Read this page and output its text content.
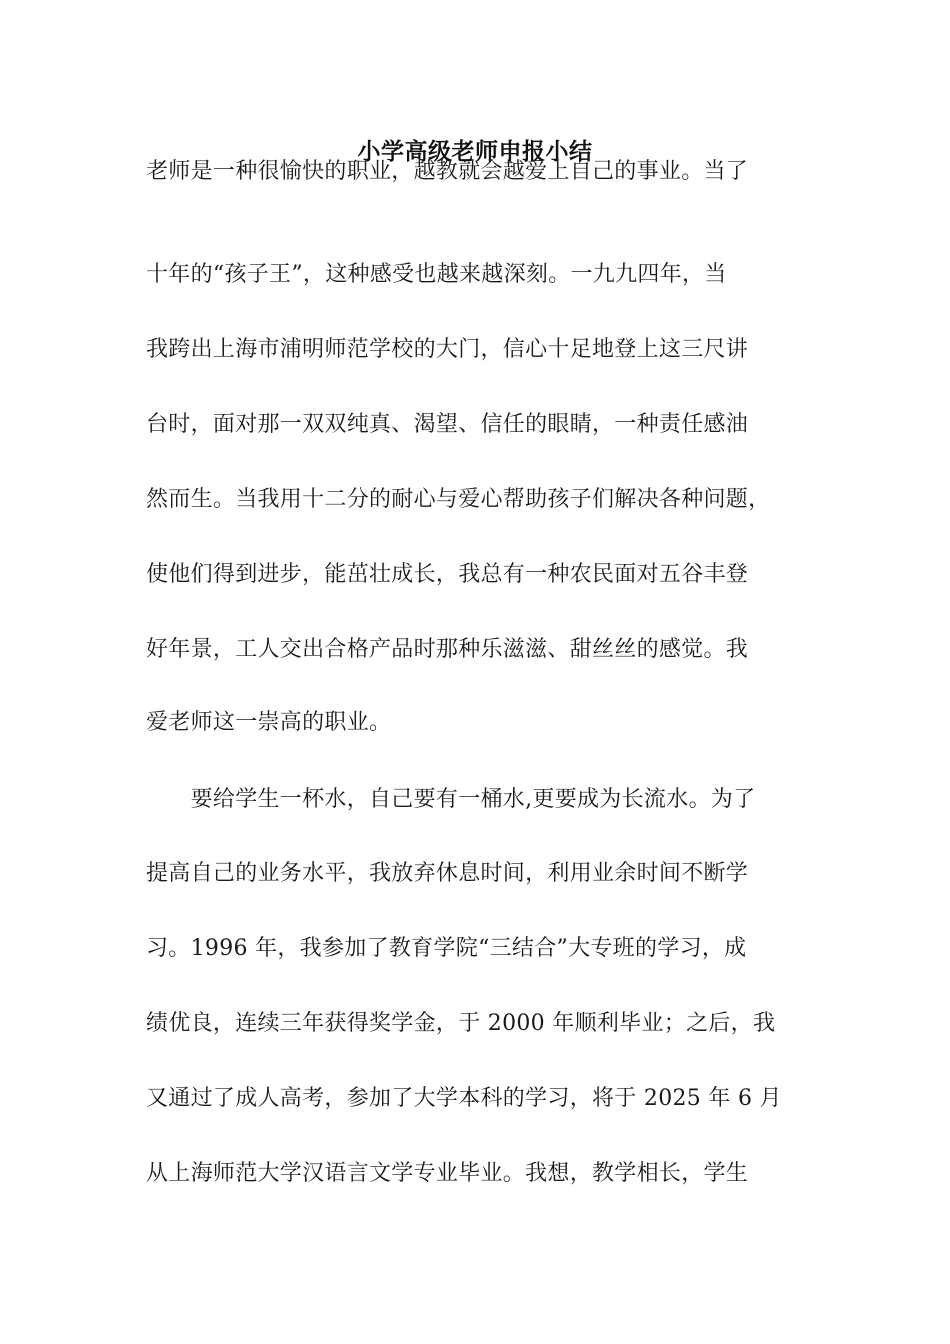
小学高级老师申报小结
老师是一种很愉快的职业，越教就会越爱上自己的事业。当了
十年的“孩子王”，这种感受也越来越深刻。一九九四年，当
我跨出上海市浦明师范学校的大门，信心十足地登上这三尺讲
台时，面对那一双双纯真、渴望、信任的眼睛，一种责任感油
然而生。当我用十二分的耐心与爱心帮助孩子们解决各种问题，
使他们得到进步，能茁壮成长，我总有一种农民面对五谷丰登
好年景，工人交出合格产品时那种乐滋滋、甜丝丝的感觉。我
爱老师这一崇高的职业。
　　要给学生一杯水，自己要有一桶水,更要成为长流水。为了
提高自己的业务水平，我放弃休息时间，利用业余时间不断学
习。1996 年，我参加了教育学院“三结合”大专班的学习，成
绩优良，连续三年获得奖学金，于 2000 年顺利毕业；之后，我
又通过了成人高考，参加了大学本科的学习，将于 2025 年 6 月
从上海师范大学汉语言文学专业毕业。我想，教学相长，学生
